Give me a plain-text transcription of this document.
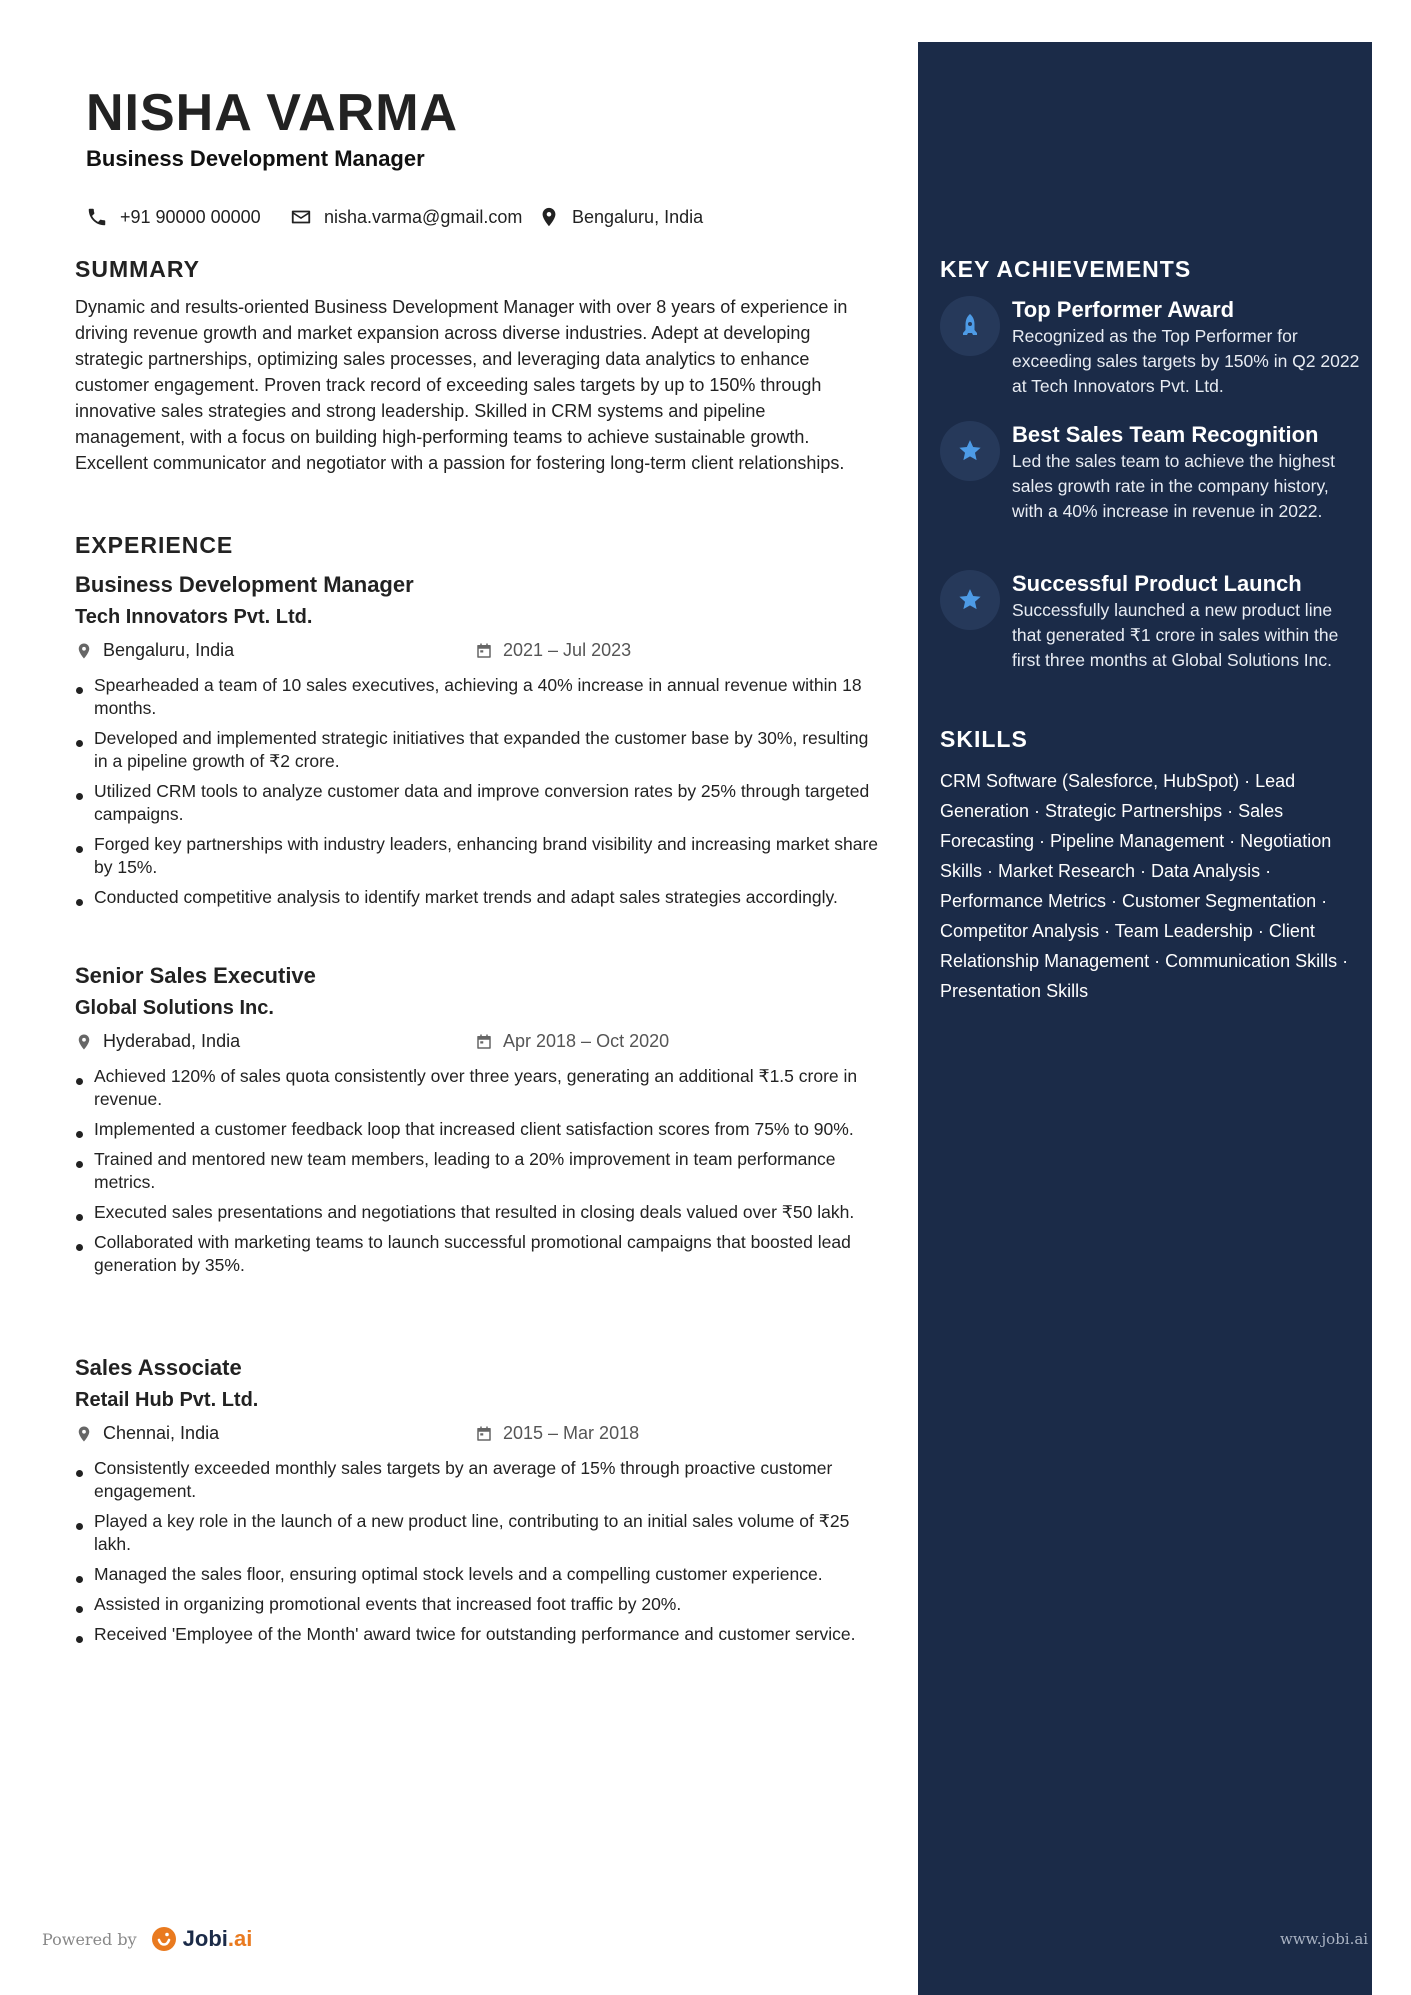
NISHA VARMA
Business Development Manager
+91 90000 00000	nisha.varma@gmail.com	Bengaluru, India
SUMMARY

Dynamic and results-oriented Business Development Manager with over 8 years of experience in driving revenue growth and market expansion across diverse industries. Adept at developing strategic partnerships, optimizing sales processes, and leveraging data analytics to enhance customer engagement. Proven track record of exceeding sales targets by up to 150% through innovative sales strategies and strong leadership. Skilled in CRM systems and pipeline management, with a focus on building high-performing teams to achieve sustainable growth. Excellent communicator and negotiator with a passion for fostering long-term client relationships.

EXPERIENCE
Business Development Manager
Tech Innovators Pvt. Ltd.
Bengaluru, India	2021 – Jul 2023
Spearheaded a team of 10 sales executives, achieving a 40% increase in annual revenue within 18 months.
Developed and implemented strategic initiatives that expanded the customer base by 30%, resulting in a pipeline growth of ₹2 crore.
Utilized CRM tools to analyze customer data and improve conversion rates by 25% through targeted campaigns.
Forged key partnerships with industry leaders, enhancing brand visibility and increasing market share by 15%.
Conducted competitive analysis to identify market trends and adapt sales strategies accordingly.
Senior Sales Executive
Global Solutions Inc.
Hyderabad, India	Apr 2018 – Oct 2020
Achieved 120% of sales quota consistently over three years, generating an additional ₹1.5 crore in revenue.
Implemented a customer feedback loop that increased client satisfaction scores from 75% to 90%.
Trained and mentored new team members, leading to a 20% improvement in team performance metrics.
Executed sales presentations and negotiations that resulted in closing deals valued over ₹50 lakh.
Collaborated with marketing teams to launch successful promotional campaigns that boosted lead generation by 35%.
Sales Associate
Retail Hub Pvt. Ltd.
Chennai, India	2015 – Mar 2018
Consistently exceeded monthly sales targets by an average of 15% through proactive customer engagement.
Played a key role in the launch of a new product line, contributing to an initial sales volume of ₹25 lakh.
Managed the sales floor, ensuring optimal stock levels and a compelling customer experience.
Assisted in organizing promotional events that increased foot traffic by 20%.
Received 'Employee of the Month' award twice for outstanding performance and customer service.
KEY ACHIEVEMENTS
Top Performer Award
Recognized as the Top Performer for exceeding sales targets by 150% in Q2 2022 at Tech Innovators Pvt. Ltd.
Best Sales Team Recognition
Led the sales team to achieve the highest sales growth rate in the company history, with a 40% increase in revenue in 2022.
Successful Product Launch
Successfully launched a new product line that generated ₹1 crore in sales within the first three months at Global Solutions Inc.
SKILLS
CRM Software (Salesforce, HubSpot) · Lead Generation · Strategic Partnerships · Sales Forecasting · Pipeline Management · Negotiation Skills · Market Research · Data Analysis · Performance Metrics · Customer Segmentation · Competitor Analysis · Team Leadership · Client Relationship Management · Communication Skills · Presentation Skills
Powered by Jobi.ai	www.jobi.ai
